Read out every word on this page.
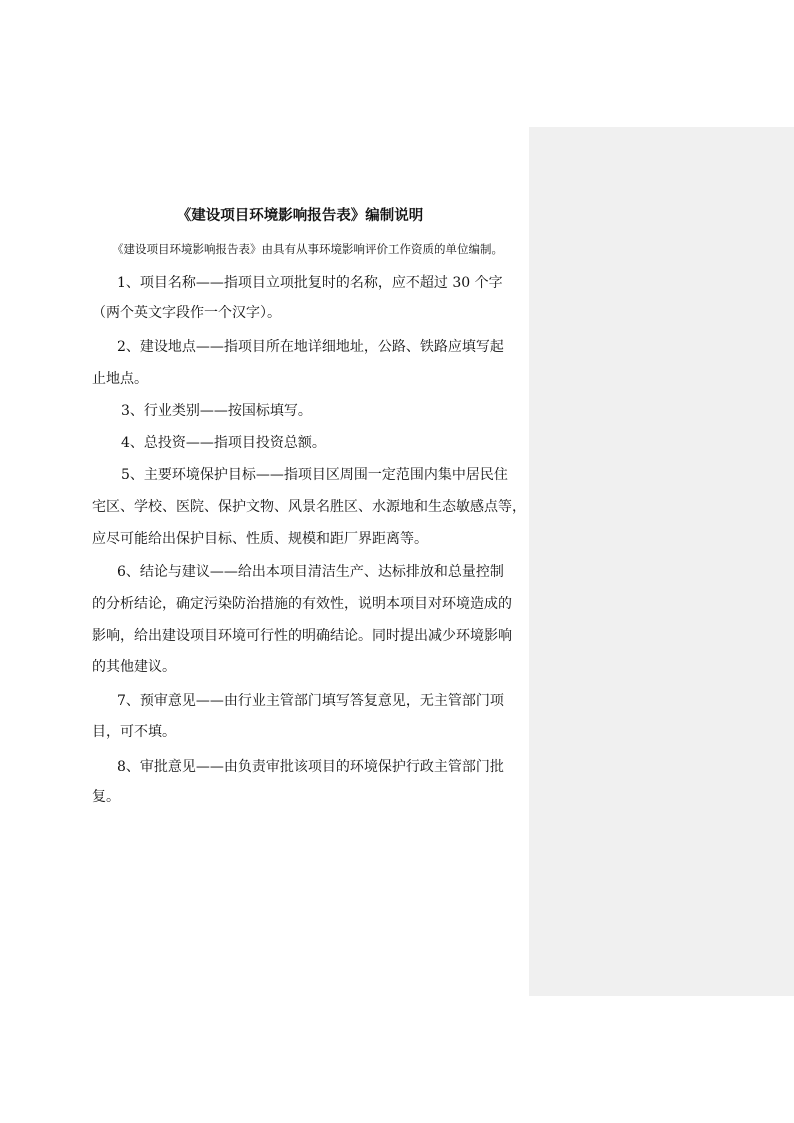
《建设项目环境影响报告表》编制说明
《建设项目环境影响报告表》由具有从事环境影响评价工作资质的单位编制。
1、项目名称——指项目立项批复时的名称，应不超过 30 个字
（两个英文字段作一个汉字）。
2、建设地点——指项目所在地详细地址，公路、铁路应填写起
止地点。
3、行业类别——按国标填写。
4、总投资——指项目投资总额。
5、主要环境保护目标——指项目区周围一定范围内集中居民住
宅区、学校、医院、保护文物、风景名胜区、水源地和生态敏感点等，
应尽可能给出保护目标、性质、规模和距厂界距离等。
6、结论与建议——给出本项目清洁生产、达标排放和总量控制
的分析结论，确定污染防治措施的有效性，说明本项目对环境造成的
影响，给出建设项目环境可行性的明确结论。同时提出减少环境影响
的其他建议。
7、预审意见——由行业主管部门填写答复意见，无主管部门项
目，可不填。
8、审批意见——由负责审批该项目的环境保护行政主管部门批
复。
